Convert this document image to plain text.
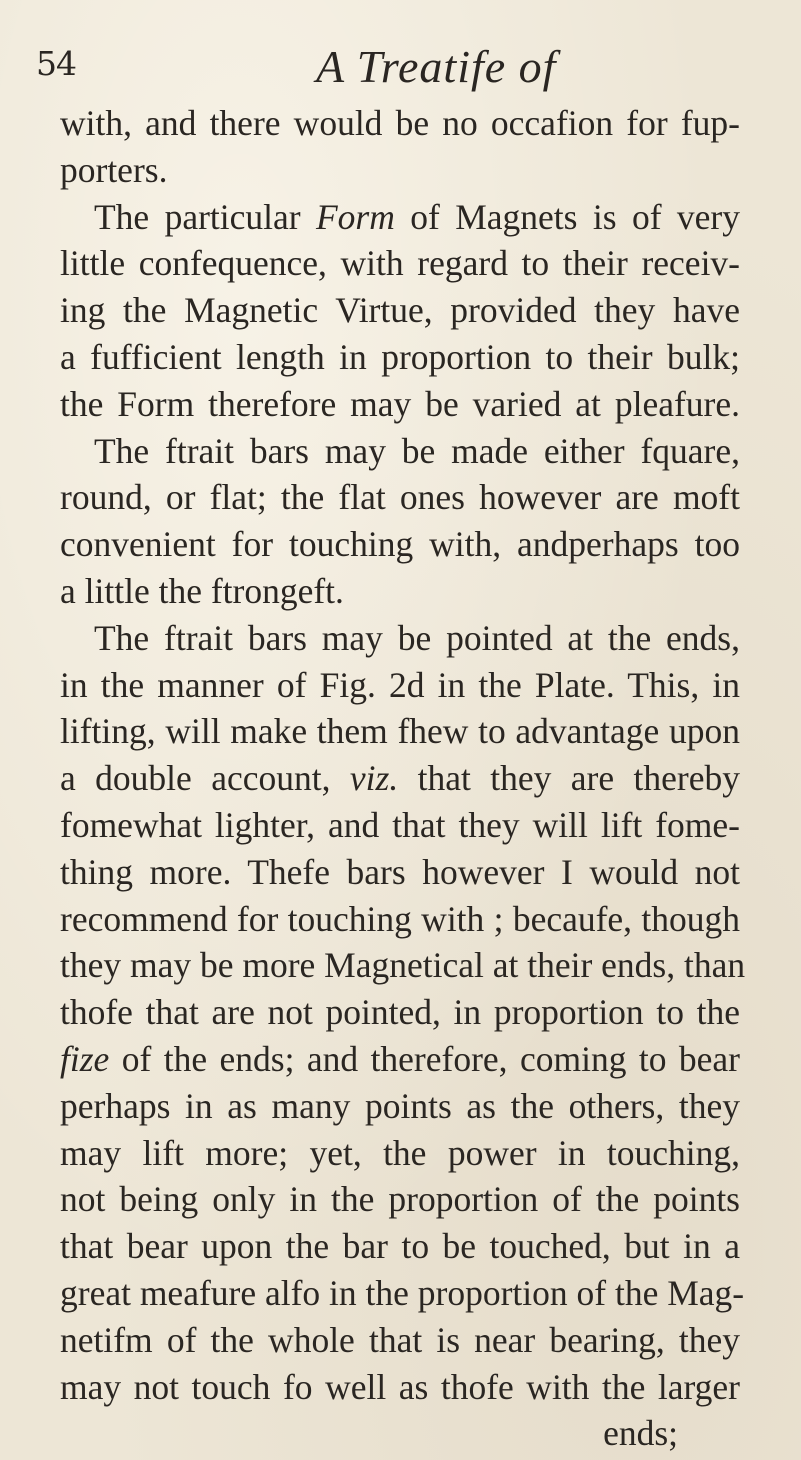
54	A Treatife of
with, and there would be no occafion for fup-
porters.
The particular Form of Magnets is of very
little confequence, with regard to their receiv-
ing the Magnetic Virtue, provided they have
a fufficient length in proportion to their bulk;
the Form therefore may be varied at pleafure.
The ftrait bars may be made either fquare,
round, or flat; the flat ones however are moft
convenient for touching with, andperhaps too
a little the ftrongeft.
The ftrait bars may be pointed at the ends,
in the manner of Fig. 2d in the Plate. This, in
lifting, will make them fhew to advantage upon
a double account, viz. that they are thereby
fomewhat lighter, and that they will lift fome-
thing more. Thefe bars however I would not
recommend for touching with ; becaufe, though
they may be more Magnetical at their ends, than
thofe that are not pointed, in proportion to the
fize of the ends; and therefore, coming to bear
perhaps in as many points as the others, they
may lift more; yet, the power in touching,
not being only in the proportion of the points
that bear upon the bar to be touched, but in a
great meafure alfo in the proportion of the Mag-
netifm of the whole that is near bearing, they
may not touch fo well as thofe with the larger
ends;
